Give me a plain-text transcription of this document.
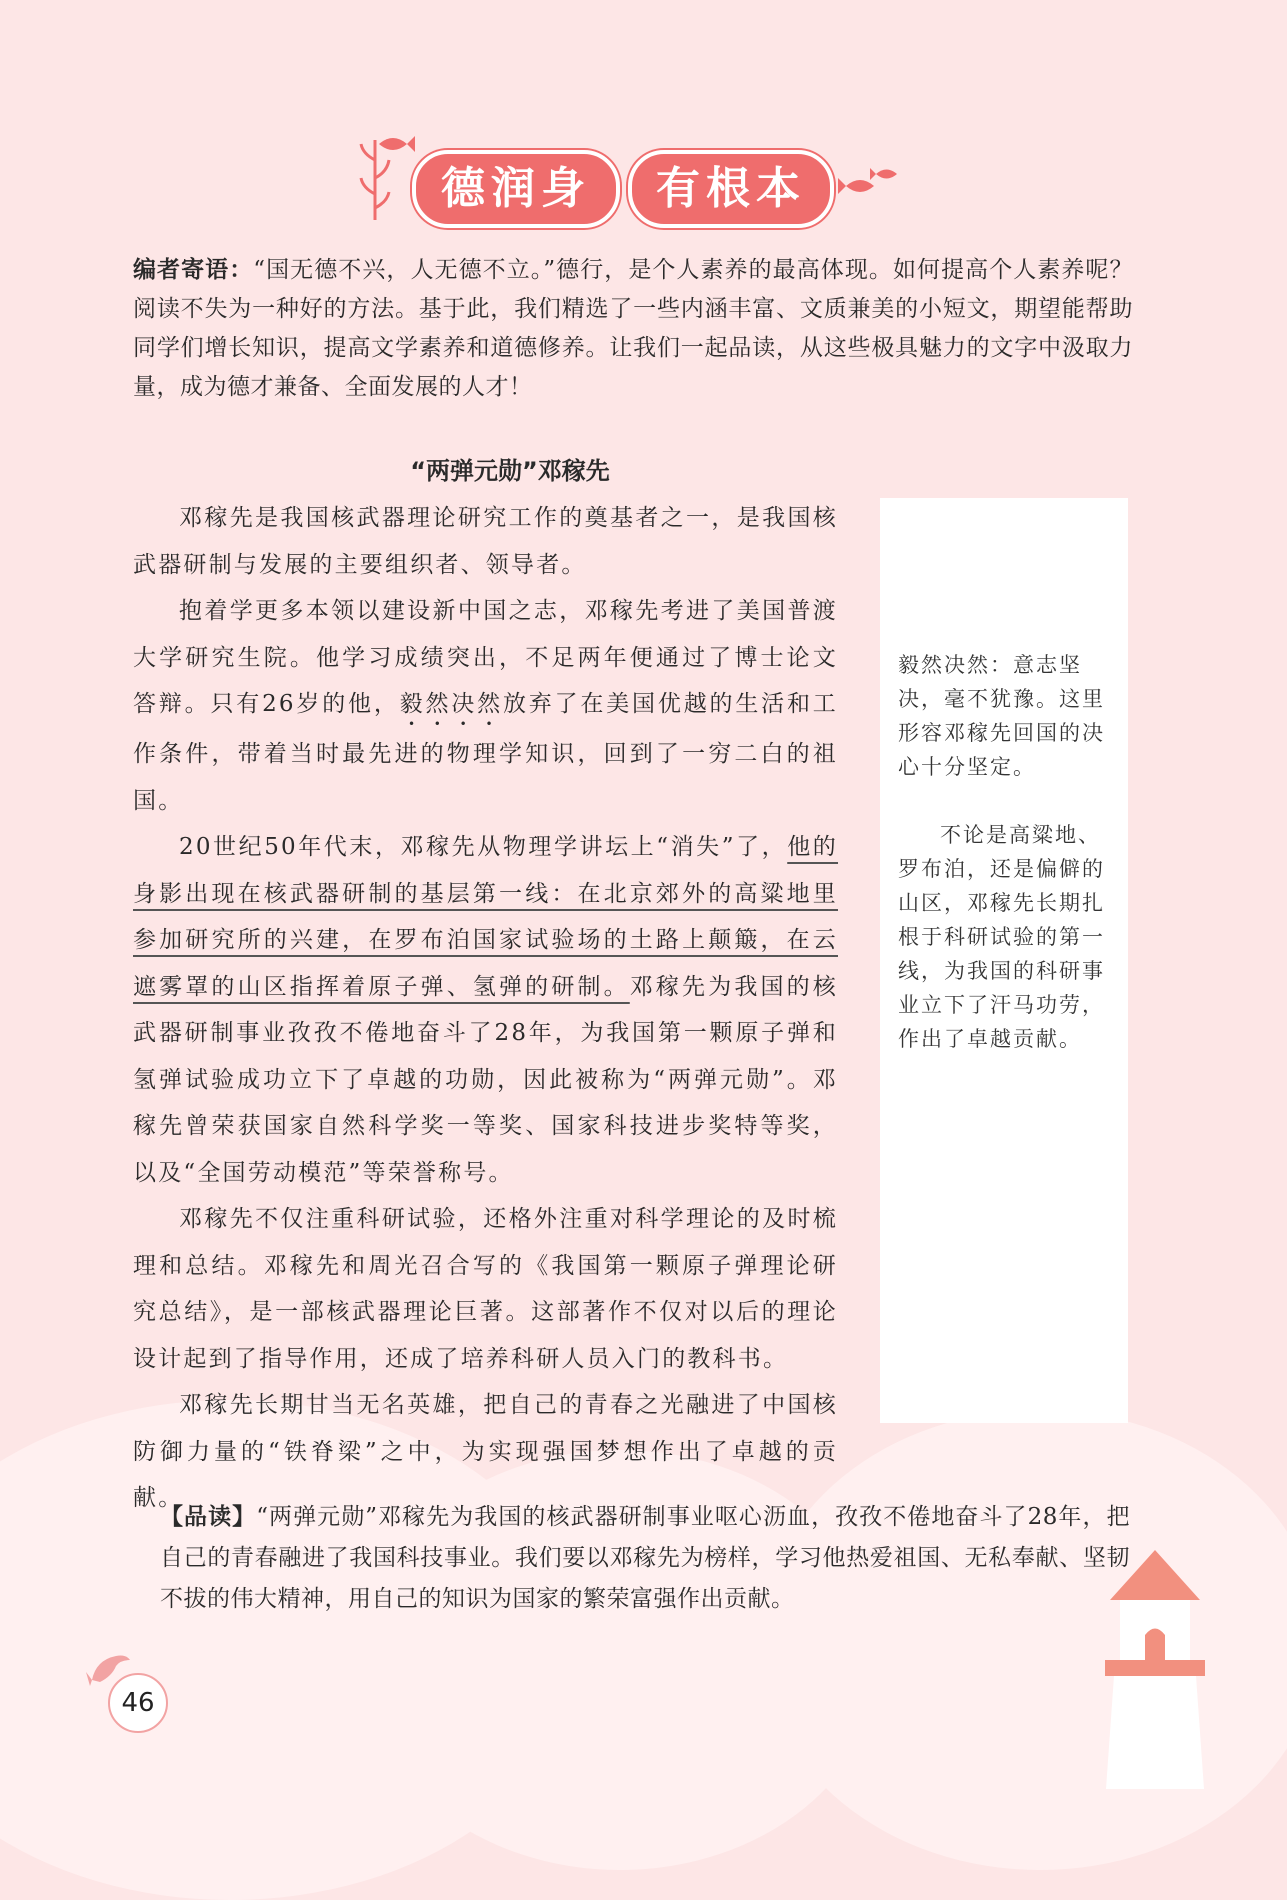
德润身	有根本
编者寄语：“国无德不兴，人无德不立。”德行，是个人素养的最高体现。如何提高个人素养呢？阅读不失为一种好的方法。基于此，我们精选了一些内涵丰富、文质兼美的小短文，期望能帮助同学们增长知识，提高文学素养和道德修养。让我们一起品读，从这些极具魅力的文字中汲取力量，成为德才兼备、全面发展的人才！
“两弹元勋”邓稼先

毅然决然：意志坚决，毫不犹豫。这里形容邓稼先回国的决心十分坚定。

不论是高粱地、罗布泊，还是偏僻的山区，邓稼先长期扎根于科研试验的第一线，为我国的科研事业立下了汗马功劳，作出了卓越贡献。

邓稼先是我国核武器理论研究工作的奠基者之一，是我国核武器研制与发展的主要组织者、领导者。

抱着学更多本领以建设新中国之志，邓稼先考进了美国普渡大学研究生院。他学习成绩突出，不足两年便通过了博士论文答辩。只有26岁的他，毅然决然放弃了在美国优越的生活和工作条件，带着当时最先进的物理学知识，回到了一穷二白的祖国。

20世纪50年代末，邓稼先从物理学讲坛上“消失”了，他的身影出现在核武器研制的基层第一线：在北京郊外的高粱地里参加研究所的兴建，在罗布泊国家试验场的土路上颠簸，在云遮雾罩的山区指挥着原子弹、氢弹的研制。邓稼先为我国的核武器研制事业孜孜不倦地奋斗了28年，为我国第一颗原子弹和氢弹试验成功立下了卓越的功勋，因此被称为“两弹元勋”。邓稼先曾荣获国家自然科学奖一等奖、国家科技进步奖特等奖，以及“全国劳动模范”等荣誉称号。

邓稼先不仅注重科研试验，还格外注重对科学理论的及时梳理和总结。邓稼先和周光召合写的《我国第一颗原子弹理论研究总结》，是一部核武器理论巨著。这部著作不仅对以后的理论设计起到了指导作用，还成了培养科研人员入门的教科书。

邓稼先长期甘当无名英雄，把自己的青春之光融进了中国核防御力量的“铁脊梁”之中，为实现强国梦想作出了卓越的贡献。

【品读】“两弹元勋”邓稼先为我国的核武器研制事业呕心沥血，孜孜不倦地奋斗了28年，把自己的青春融进了我国科技事业。我们要以邓稼先为榜样，学习他热爱祖国、无私奉献、坚韧不拔的伟大精神，用自己的知识为国家的繁荣富强作出贡献。
46
